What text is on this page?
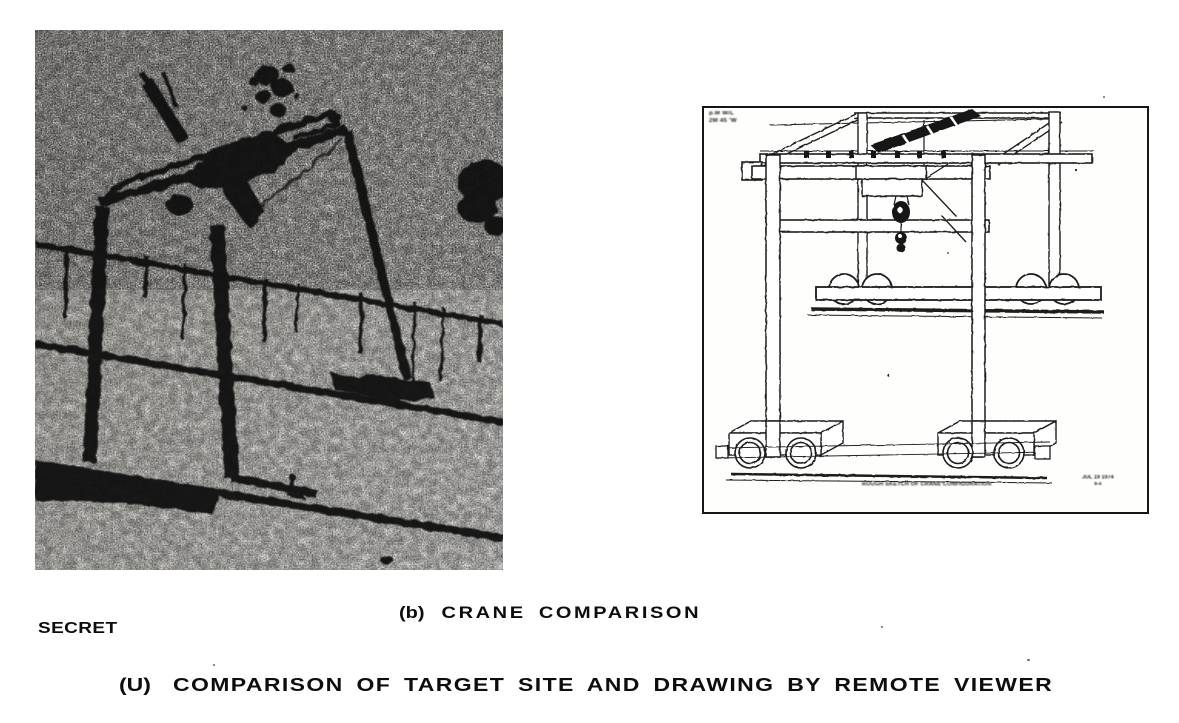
p.M W/L
2M 45 'W
ROUGH SKETCH OF CRANE CONFIGURATION
JUL 19 1974
9-4
SECRET
(b) CRANE COMPARISON
(U) COMPARISON OF TARGET SITE AND DRAWING BY REMOTE VIEWER
